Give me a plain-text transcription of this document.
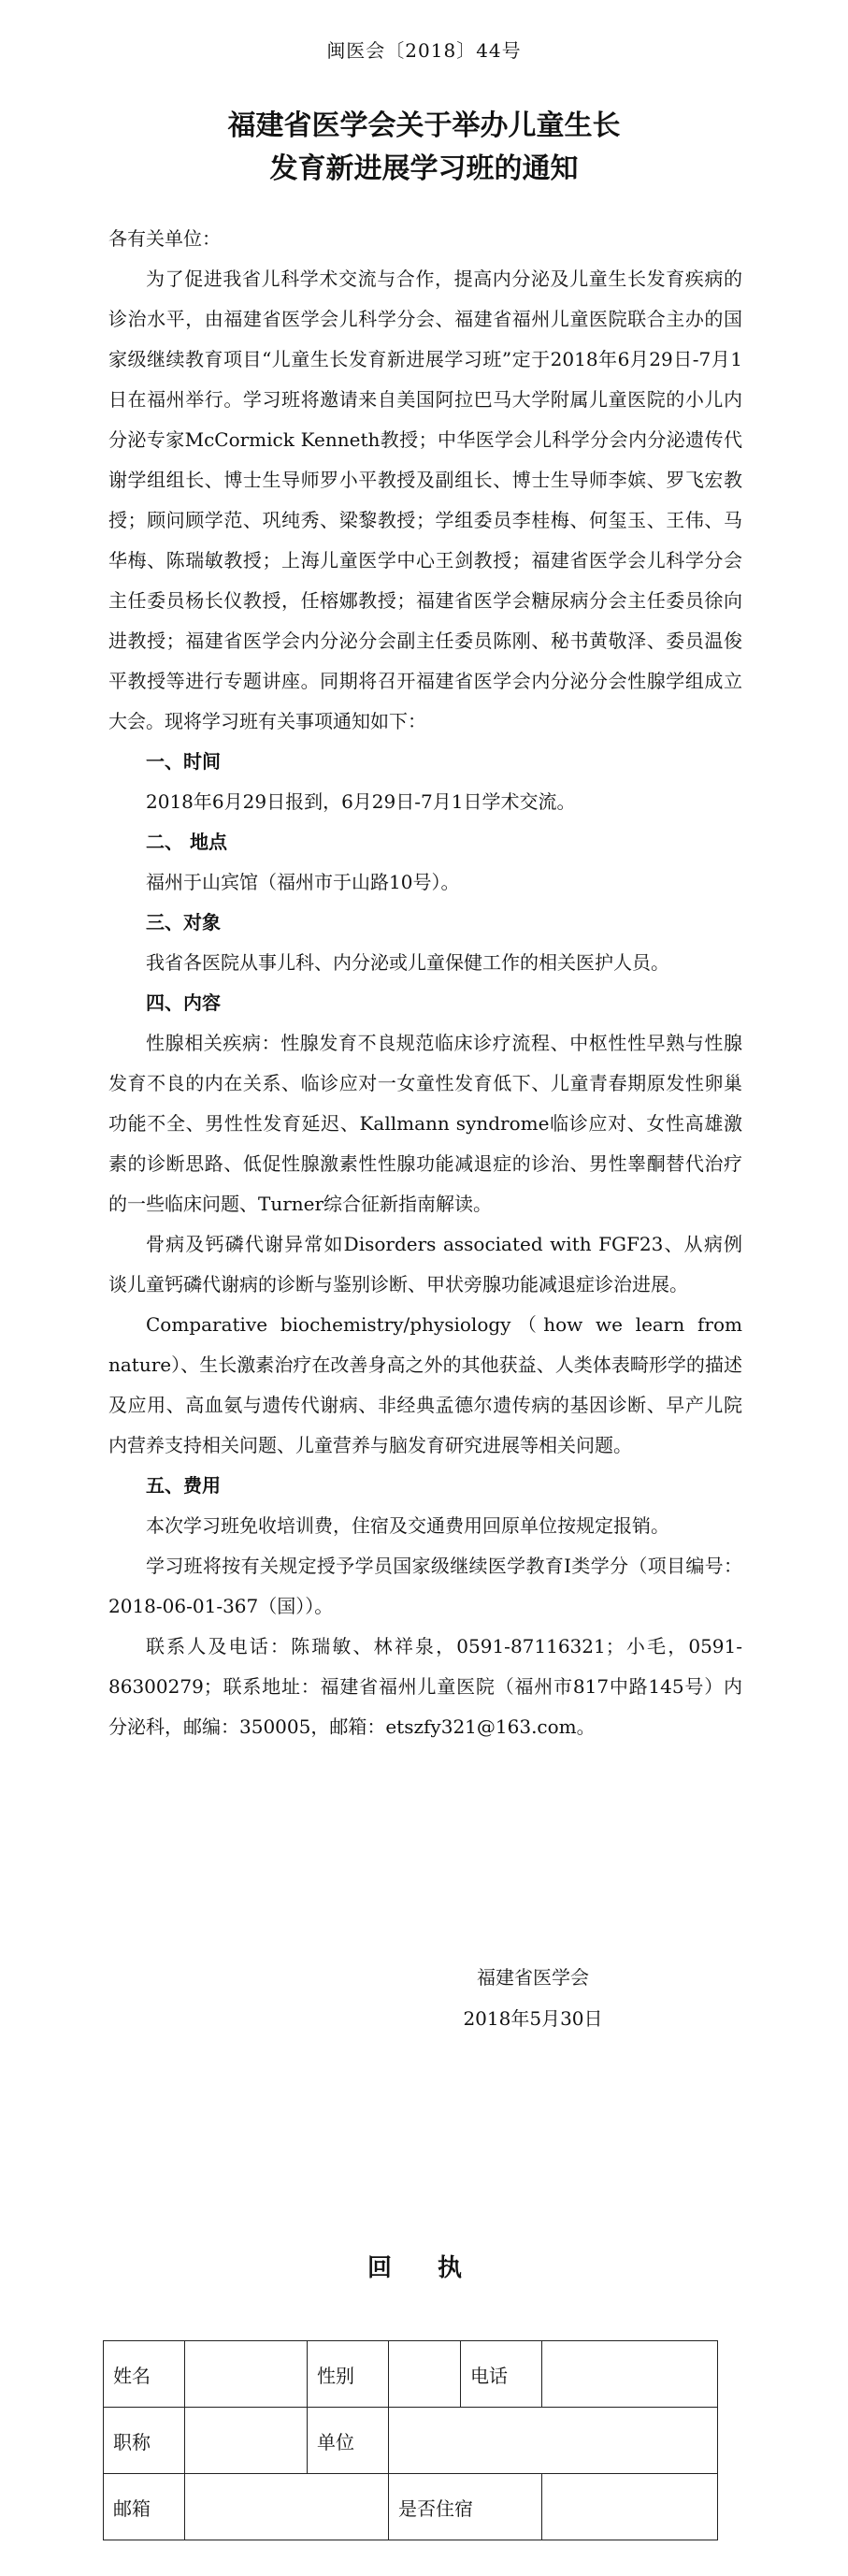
闽医会〔2018〕44号
福建省医学会关于举办儿童生长
发育新进展学习班的通知

各有关单位：

为了促进我省儿科学术交流与合作，提高内分泌及儿童生长发育疾病的诊治水平，由福建省医学会儿科学分会、福建省福州儿童医院联合主办的国家级继续教育项目“儿童生长发育新进展学习班”定于2018年6月29日-7月1日在福州举行。学习班将邀请来自美国阿拉巴马大学附属儿童医院的小儿内分泌专家McCormick Kenneth教授；中华医学会儿科学分会内分泌遗传代谢学组组长、博士生导师罗小平教授及副组长、博士生导师李嫔、罗飞宏教授；顾问顾学范、巩纯秀、梁黎教授；学组委员李桂梅、何玺玉、王伟、马华梅、陈瑞敏教授；上海儿童医学中心王剑教授；福建省医学会儿科学分会主任委员杨长仪教授，任榕娜教授；福建省医学会糖尿病分会主任委员徐向进教授；福建省医学会内分泌分会副主任委员陈刚、秘书黄敬泽、委员温俊平教授等进行专题讲座。同期将召开福建省医学会内分泌分会性腺学组成立大会。现将学习班有关事项通知如下：

一、时间

2018年6月29日报到，6月29日-7月1日学术交流。

二、 地点

福州于山宾馆（福州市于山路10号）。

三、对象

我省各医院从事儿科、内分泌或儿童保健工作的相关医护人员。

四、内容

性腺相关疾病：性腺发育不良规范临床诊疗流程、中枢性性早熟与性腺发育不良的内在关系、临诊应对一女童性发育低下、儿童青春期原发性卵巢功能不全、男性性发育延迟、Kallmann syndrome临诊应对、女性高雄激素的诊断思路、低促性腺激素性性腺功能减退症的诊治、男性睾酮替代治疗的一些临床问题、Turner综合征新指南解读。

骨病及钙磷代谢异常如Disorders associated with FGF23、从病例谈儿童钙磷代谢病的诊断与鉴别诊断、甲状旁腺功能减退症诊治进展。

Comparative biochemistry/physiology（how we learn from nature）、生长激素治疗在改善身高之外的其他获益、人类体表畸形学的描述及应用、高血氨与遗传代谢病、非经典孟德尔遗传病的基因诊断、早产儿院内营养支持相关问题、儿童营养与脑发育研究进展等相关问题。

五、费用

本次学习班免收培训费，住宿及交通费用回原单位按规定报销。

学习班将按有关规定授予学员国家级继续医学教育I类学分（项目编号：2018-06-01-367（国））。

联系人及电话：陈瑞敏、林祥泉，0591-87116321；小毛，0591-86300279；联系地址：福建省福州儿童医院（福州市817中路145号）内分泌科，邮编：350005，邮箱：etszfy321@163.com。

福建省医学会
2018年5月30日
回 执
姓名		性别		电话	
职称		单位			
邮箱			是否住宿		
